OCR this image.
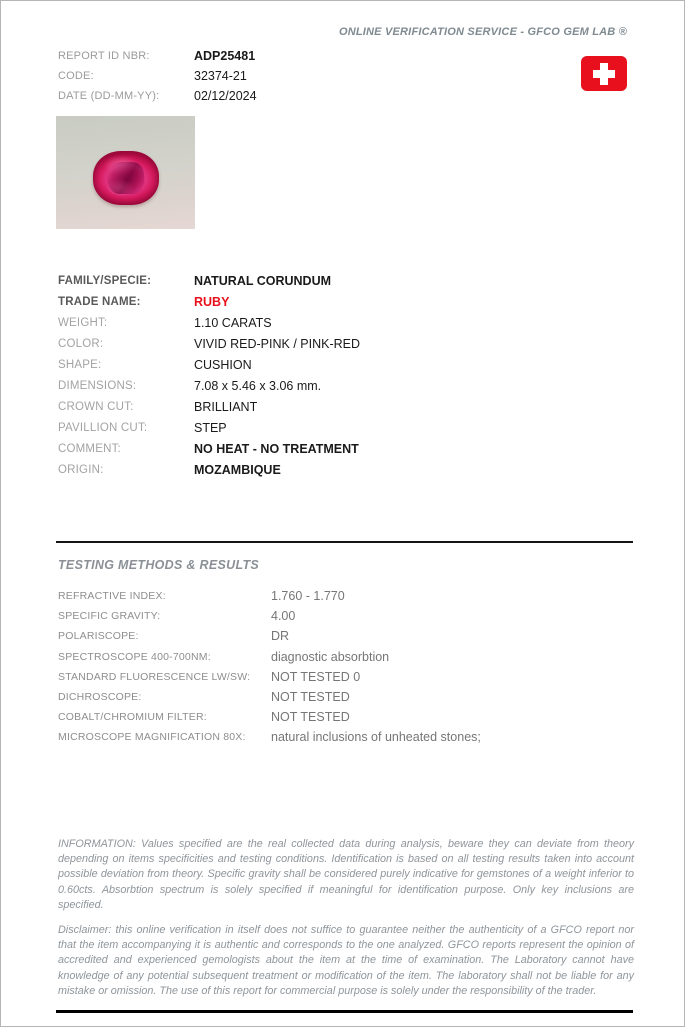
ONLINE VERIFICATION SERVICE - GFCO GEM LAB ®
REPORT ID NBR:	ADP25481
CODE:	32374-21
DATE (DD-MM-YY):	02/12/2024
FAMILY/SPECIE:	NATURAL CORUNDUM
TRADE NAME:	RUBY
WEIGHT:	1.10 CARATS
COLOR:	VIVID RED-PINK / PINK-RED
SHAPE:	CUSHION
DIMENSIONS:	7.08 x 5.46 x 3.06 mm.
CROWN CUT:	BRILLIANT
PAVILLION CUT:	STEP
COMMENT:	NO HEAT - NO TREATMENT
ORIGIN:	MOZAMBIQUE
TESTING METHODS & RESULTS
REFRACTIVE INDEX:	1.760 - 1.770
SPECIFIC GRAVITY:	4.00
POLARISCOPE:	DR
SPECTROSCOPE 400-700NM:	diagnostic absorbtion
STANDARD FLUORESCENCE LW/SW:	NOT TESTED 0
DICHROSCOPE:	NOT TESTED
COBALT/CHROMIUM FILTER:	NOT TESTED
MICROSCOPE MAGNIFICATION 80X:	natural inclusions of unheated stones;
INFORMATION: Values specified are the real collected data during analysis, beware they can deviate from theory depending on items specificities and testing conditions. Identification is based on all testing results taken into account possible deviation from theory. Specific gravity shall be considered purely indicative for gemstones of a weight inferior to 0.60cts. Absorbtion spectrum is solely specified if meaningful for identification purpose. Only key inclusions are specified.
Disclaimer: this online verification in itself does not suffice to guarantee neither the authenticity of a GFCO report nor that the item accompanying it is authentic and corresponds to the one analyzed. GFCO reports represent the opinion of accredited and experienced gemologists about the item at the time of examination. The Laboratory cannot have knowledge of any potential subsequent treatment or modification of the item. The laboratory shall not be liable for any mistake or omission. The use of this report for commercial purpose is solely under the responsibility of the trader.
